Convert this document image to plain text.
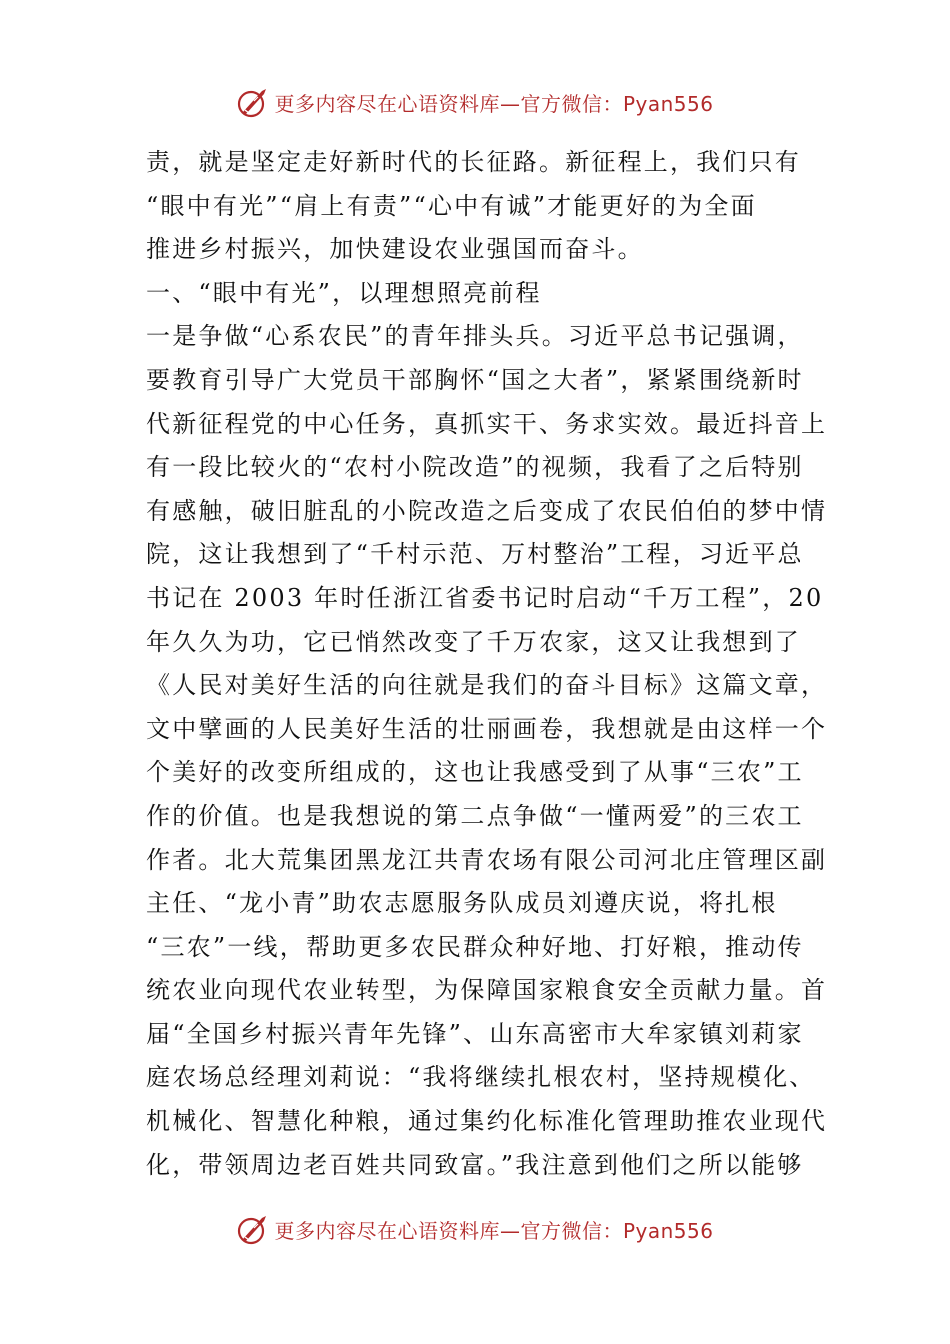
更多内容尽在心语资料库—官方微信：Pyan556
责，就是坚定走好新时代的长征路。新征程上，我们只有
“眼中有光”“肩上有责”“心中有诚”才能更好的为全面
推进乡村振兴，加快建设农业强国而奋斗。
一、“眼中有光”，以理想照亮前程
一是争做“心系农民”的青年排头兵。习近平总书记强调，
要教育引导广大党员干部胸怀“国之大者”，紧紧围绕新时
代新征程党的中心任务，真抓实干、务求实效。最近抖音上
有一段比较火的“农村小院改造”的视频，我看了之后特别
有感触，破旧脏乱的小院改造之后变成了农民伯伯的梦中情
院，这让我想到了“千村示范、万村整治”工程，习近平总
书记在 2003 年时任浙江省委书记时启动“千万工程”，20
年久久为功，它已悄然改变了千万农家，这又让我想到了
《人民对美好生活的向往就是我们的奋斗目标》这篇文章，
文中擘画的人民美好生活的壮丽画卷，我想就是由这样一个
个美好的改变所组成的，这也让我感受到了从事“三农”工
作的价值。也是我想说的第二点争做“一懂两爱”的三农工
作者。北大荒集团黑龙江共青农场有限公司河北庄管理区副
主任、“龙小青”助农志愿服务队成员刘遵庆说，将扎根
“三农”一线，帮助更多农民群众种好地、打好粮，推动传
统农业向现代农业转型，为保障国家粮食安全贡献力量。首
届“全国乡村振兴青年先锋”、山东高密市大牟家镇刘莉家
庭农场总经理刘莉说：“我将继续扎根农村，坚持规模化、
机械化、智慧化种粮，通过集约化标准化管理助推农业现代
化，带领周边老百姓共同致富。”我注意到他们之所以能够
更多内容尽在心语资料库—官方微信：Pyan556
